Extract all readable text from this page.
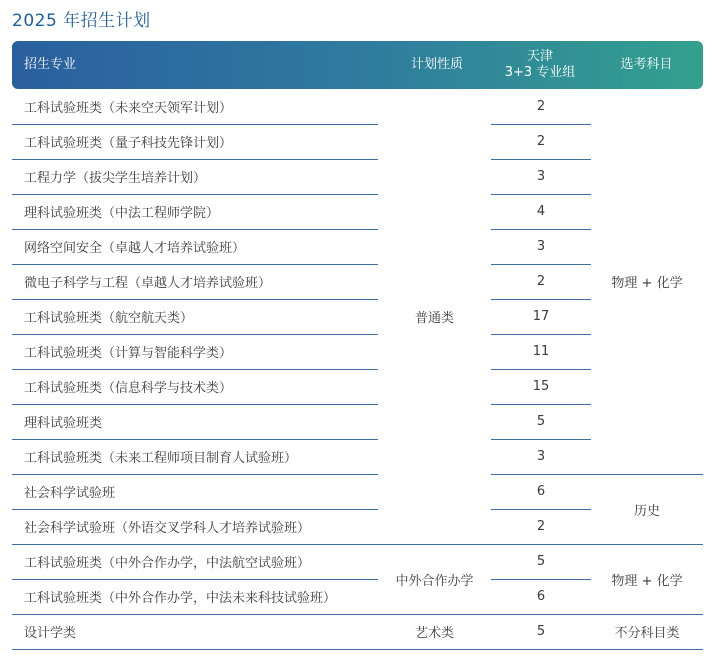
2025 年招生计划
招生专业	计划性质
天津
3+3 专业组
选考科目
工科试验班类（未来空天领军计划）
工科试验班类（量子科技先锋计划）
工程力学（拔尖学生培养计划）
理科试验班类（中法工程师学院）
网络空间安全（卓越人才培养试验班）
微电子科学与工程（卓越人才培养试验班）
工科试验班类（航空航天类）
工科试验班类（计算与智能科学类）
工科试验班类（信息科学与技术类）
理科试验班类
工科试验班类（未来工程师项目制育人试验班）
社会科学试验班
社会科学试验班（外语交叉学科人才培养试验班）
工科试验班类（中外合作办学，中法航空试验班）
工科试验班类（中外合作办学，中法未来科技试验班）
设计学类
2
2
3
4
3
2
17
11
15
5
3
6
2
5
6
5
普通类
中外合作办学
艺术类
物理 + 化学
历史
物理 + 化学
不分科目类
